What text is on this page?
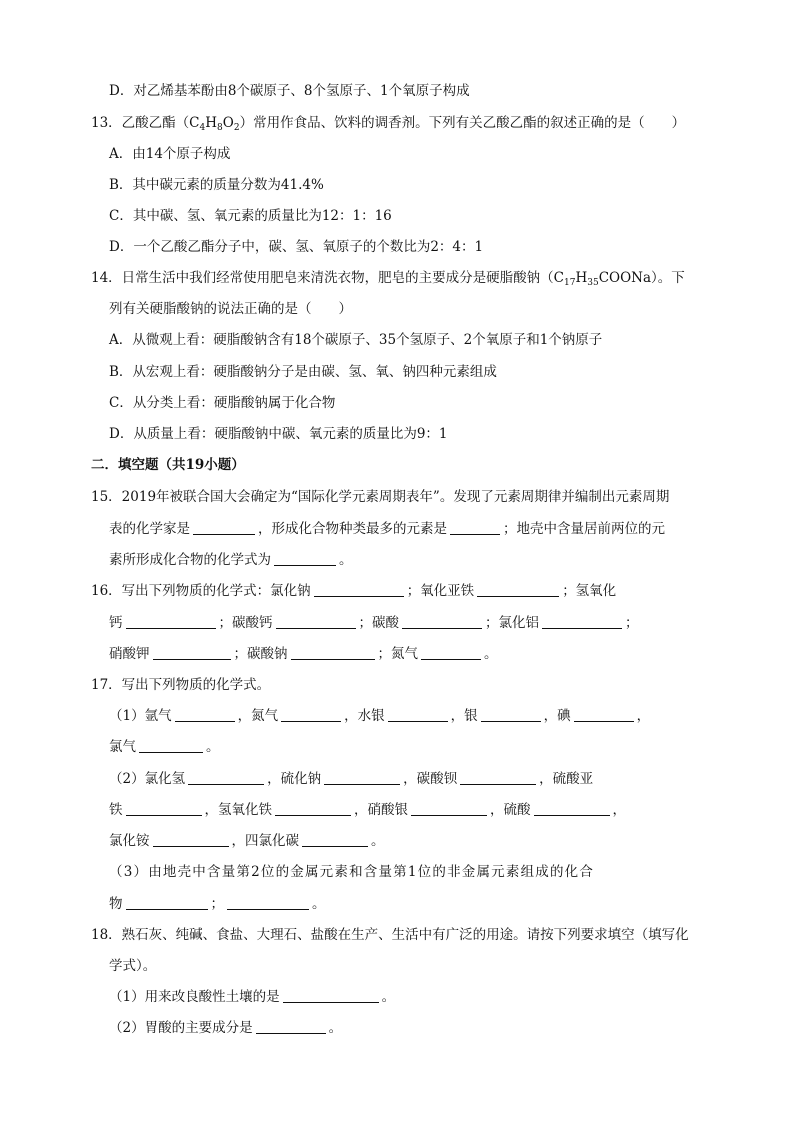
D．对乙烯基苯酚由8个碳原子、8个氢原子、1个氧原子构成
13．乙酸乙酯$(C_4H_8O_2)$常用作食品、饮料的调香剂。下列有关乙酸乙酯的叙述正确的是（　　）
A．由14个原子构成
B．其中碳元素的质量分数为41.4%
C．其中碳、氢、氧元素的质量比为12：1：16
D．一个乙酸乙酯分子中，碳、氢、氧原子的个数比为2：4：1
14．日常生活中我们经常使用肥皂来清洗衣物，肥皂的主要成分是硬脂酸钠$(C_{17}H_{35}COONa)$。下
列有关硬脂酸钠的说法正确的是（　　）
A．从微观上看：硬脂酸钠含有18个碳原子、35个氢原子、2个氧原子和1个钠原子
B．从宏观上看：硬脂酸钠分子是由碳、氢、氧、钠四种元素组成
C．从分类上看：硬脂酸钠属于化合物
D．从质量上看：硬脂酸钠中碳、氧元素的质量比为9：1
二．填空题（共19小题）
15．2019年被联合国大会确定为“国际化学元素周期表年”。发现了元素周期律并编制出元素周期
表的化学家是	，形成化合物种类最多的元素是	；地壳中含量居前两位的元
素所形成化合物的化学式为	。
16．写出下列物质的化学式：氯化钠	；氧化亚铁	；氢氧化
钙	；碳酸钙	；碳酸	；氯化铝	；
硝酸钾	；碳酸钠	；氮气	。
17．写出下列物质的化学式。
（1）氩气	，氮气	，水银	，银	，碘	，
氯气	。
（2）氯化氢	，硫化钠	，碳酸钡	，硫酸亚
铁	，氢氧化铁	，硝酸银	，硫酸	，
氯化铵	，四氯化碳	。
（3）由地壳中含量第2位的金属元素和含量第1位的非金属元素组成的化合
物	；	。
18．熟石灰、纯碱、食盐、大理石、盐酸在生产、生活中有广泛的用途。请按下列要求填空（填写化
学式）。
（1）用来改良酸性土壤的是	。
（2）胃酸的主要成分是	。
